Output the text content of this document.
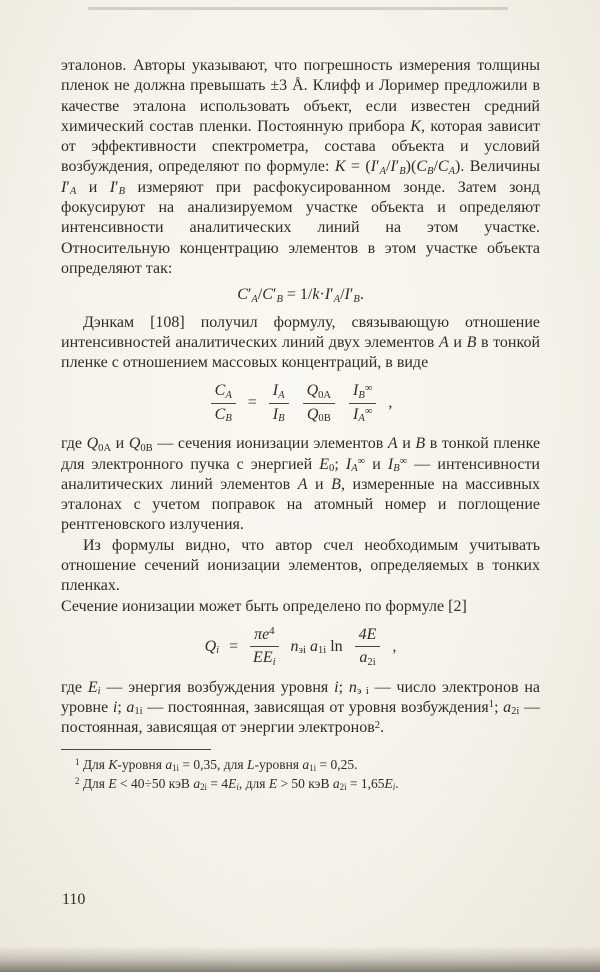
эталонов. Авторы указывают, что погрешность измерения толщины пленок не должна превышать ±3 Å. Клифф и Лоример предложили в качестве эталона использовать объект, если известен средний химический состав пленки. Постоянную прибора K, которая зависит от эффективности спектрометра, состава объекта и условий возбуждения, определяют по формуле: $K = (I'_A/I'_B)(C_B/C_A)$. Величины $I'_A$ и $I'_B$ измеряют при расфокусированном зонде. Затем зонд фокусируют на анализируемом участке объекта и определяют интенсивности аналитических линий на этом участке. Относительную концентрацию элементов в этом участке объекта определяют так:

$C'_A/C'_B = 1/k\cdot I'_A/I'_B$.

Дэнкам [108] получил формулу, связывающую отношение интенсивностей аналитических линий двух элементов A и B в тонкой пленке с отношением массовых концентраций, в виде

$\frac{C_A}{C_B} = \frac{I_A}{I_B}$
$\frac{Q_{0A}}{Q_{0B}}$
$\frac{I_B^\infty}{I_A^\infty}$ ,

где $Q_{0A}$ и $Q_{0B}$ — сечения ионизации элементов A и B в тонкой пленке для электронного пучка с энергией $E_0$; $I_A^\infty$ и $I_B^\infty$ — интенсивности аналитических линий элементов A и B, измеренные на массивных эталонах с учетом поправок на атомный номер и поглощение рентгеновского излучения.

Из формулы видно, что автор счел необходимым учитывать отношение сечений ионизации элементов, определяемых в тонких пленках.

Сечение ионизации может быть определено по формуле [2]

$Q_i = \frac{\pi e^4}{EE_i} n_{эi}$ $a_{1i}$ $\ln \frac{4E}{a_{2i}}$ ,

где $E_i$ — энергия возбуждения уровня i; $n_{э i}$ — число электронов на уровне i; $a_{1i}$ — постоянная, зависящая от уровня возбуждения$^1$; $a_{2i}$ — постоянная, зависящая от энергии электронов$^2$.

$^1$ Для K-уровня $a_{1i} = 0,35$, для L-уровня $a_{1i} = 0,25$.

$^2$ Для E < 40÷50 кэВ $a_{2i} = 4E_i$, для E > 50 кэВ $a_{2i} = 1,65E_i$.

110
